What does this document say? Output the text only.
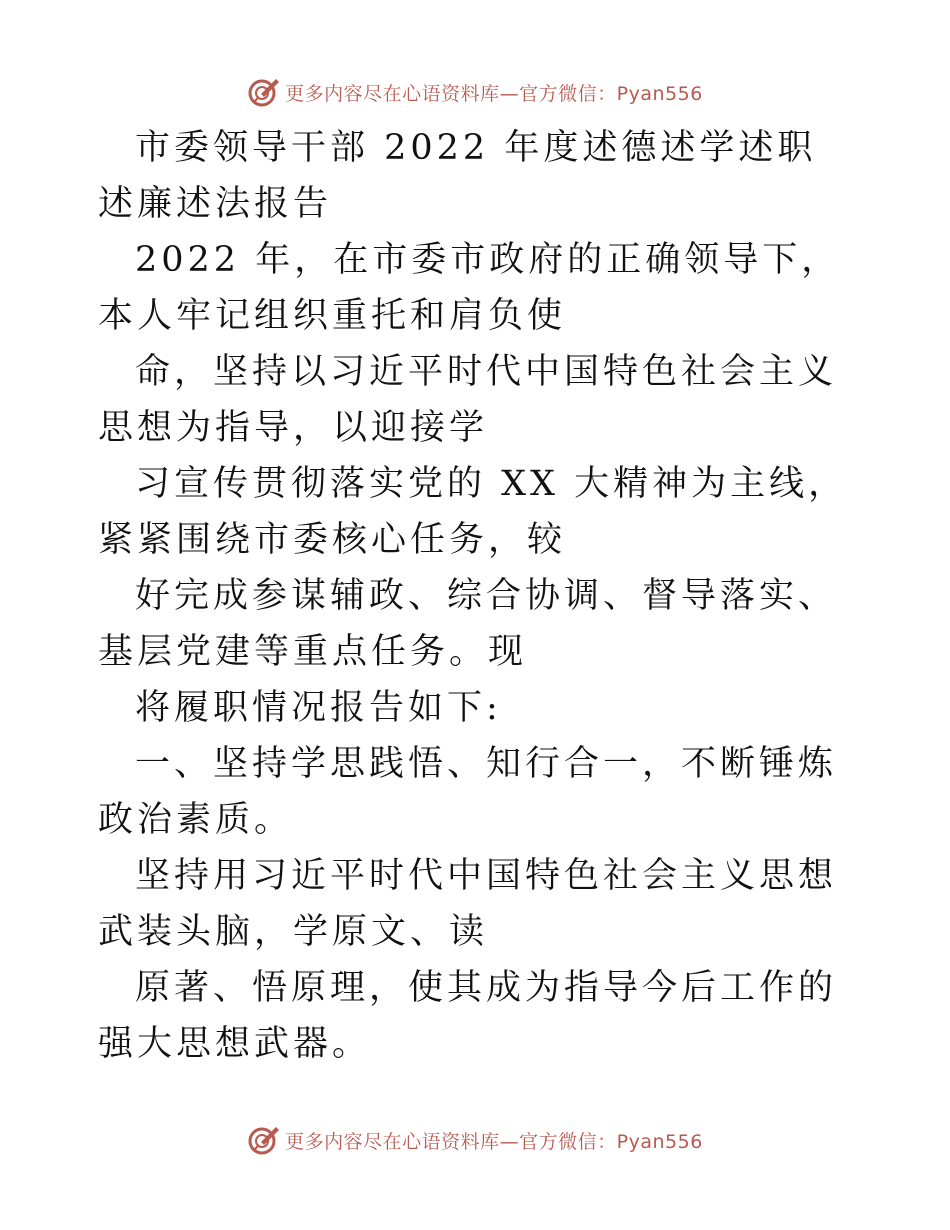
更多内容尽在心语资料库—官方微信：Pyan556

市委领导干部 2022 年度述德述学述职述廉述法报告

2022 年，在市委市政府的正确领导下，本人牢记组织重托和肩负使

命，坚持以习近平时代中国特色社会主义思想为指导，以迎接学

习宣传贯彻落实党的 XX 大精神为主线，紧紧围绕市委核心任务，较

好完成参谋辅政、综合协调、督导落实、基层党建等重点任务。现

将履职情况报告如下:

一、坚持学思践悟、知行合一，不断锤炼政治素质。

坚持用习近平时代中国特色社会主义思想武装头脑，学原文、读

原著、悟原理，使其成为指导今后工作的强大思想武器。

更多内容尽在心语资料库—官方微信：Pyan556
